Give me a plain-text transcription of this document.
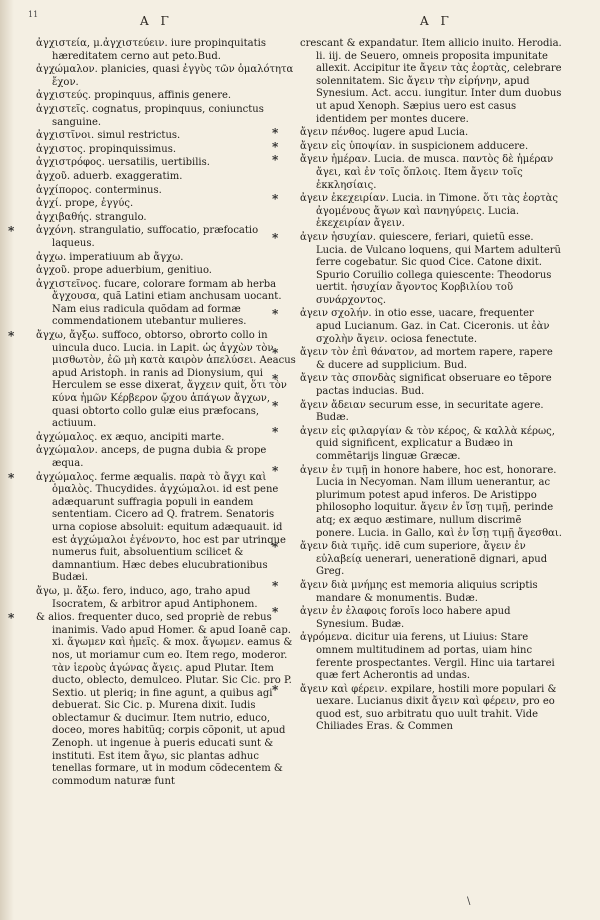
11	A Γ	A Γ

ἀγχιστεία, μ.ἀγχιστεύειν. iure propinquitatis hæreditatem cerno aut peto.Bud.

ἀγχώμαλον. planicies, quasi ἐγγὺς τῶν ὁμαλότητα ἔχον.

ἀγχιστεύς. propinquus, affinis genere.

ἀγχιστεῖς. cognatus, propinquus, coniunctus sanguine.

ἀγχιστῖνοι. simul restrictus.

ἀγχιστος. propinquissimus.

ἀγχιστρόφος. uersatilis, uertibilis.

ἀγχοῦ. aduerb. exaggeratim.

ἀγχίπορος. conterminus.

ἀγχί. prope, ἐγγύς.

ἀγχιβαθής. strangulo.

* ἀγχόνη. strangulatio, suffocatio, præfocatio laqueus.

ἀγχω. imperatiuum ab ἄγχω.

ἀγχοῦ. prope aduerbium, genitiuo.

ἀγχιστεῖνος. fucare, colorare formam ab herba ἄγχουσα, quã Latini etiam anchusam uocant. Nam eius radicula quõdam ad formæ commendationem utebantur mulieres.

* ἄγχω, ἄγξω. suffoco, obtorso, obrorto collo in uincula duco. Lucia. in Lapit. ὡς ἀγχὼν τὸν μισθωτὸν, ἐῶ μὴ κατὰ καιρὸν ἀπελύσει. Aeacus apud Aristoph. in ranis ad Dionysium, qui Herculem se esse dixerat, ἄγχειν quit, ὅτι τὸν κύνα ἡμῶν Κέρβερον ᾤχου ἀπάγων ἄγχων, quasi obtorto collo gulæ eius præfocans, actiuum.

ἀγχώμαλος. ex æquo, ancipiti marte.

ἀγχώμαλον. anceps, de pugna dubia & prope æqua.

* ἀγχώμαλος. ferme æqualis. παρὰ τὸ ἄγχι καὶ ὁμαλὸς. Thucydides. ἀγχώμαλοι. id est pene adæquarunt suffragia populi in eandem sententiam. Cicero ad Q. fratrem. Senatoris urna copiose absoluit: equitum adæquauit. id est ἀγχώμαλοι ἐγένοντο, hoc est par utrinque numerus fuit, absoluentium scilicet & damnantium. Hæc debes elucubrationibus Budæi.

ἄγω, μ. ἄξω. fero, induco, ago, traho apud Isocratem, & arbitror apud Antiphonem.

* & alios. frequenter duco, sed propriè de rebus inanimis. Vado apud Homer. & apud Ioanẽ cap. xi. ἄγωμεν καὶ ἡμεῖς. & mox. ἄγωμεν. eamus & nos, ut moriamur cum eo. Item rego, moderor. τὰν ἱεροὺς ἀγώνας ἄγεις. apud Plutar. Item ducto, oblecto, demulceo. Plutar. Sic Cic. pro P. Sextio. ut pleriq; in fine agunt, a quibus agi debuerat. Sic Cic. p. Murena dixit. Iudis oblectamur & ducimur. Item nutrio, educo, doceo, mores habitũq; corpis cõponit, ut apud Zenoph. ut ingenue à pueris educati sunt & instituti. Est item ἄγω, sic plantas adhuc tenellas formare, ut in modum cõdecentem & commodum naturæ funt

crescant & expandatur. Item allicio inuito. Herodia. li. iij. de Seuero, omneis proposita impunitate allexit. Accipitur ite ἄγειν τὰς ἑορτὰς, celebrare solennitatem. Sic ἄγειν τὴν εἰρήνην, apud Synesium. Act. accu. iungitur. Inter dum duobus ut apud Xenoph. Sæpius uero est casus identidem per montes ducere.

* ἄγειν πένθος. lugere apud Lucia.

* ἄγειν εἰς ὑποψίαν. in suspicionem adducere.

* ἄγειν ἡμέραν. Lucia. de musca. παντὸς δὲ ἡμέραν ἄγει, καὶ ἐν τοῖς ὅπλοις. Item ἄγειν τοῖς ἐκκλησίαις.

* ἀγειν ἐκεχειρίαν. Lucia. in Timone. ὅτι τὰς ἑορτὰς ἀγομένους ἄγων καὶ πανηγύρεις. Lucia. ἐκεχειρίαν ἄγειν.

* ἀγειν ἡσυχίαν. quiescere, feriari, quietũ esse. Lucia. de Vulcano loquens, qui Martem adulterũ ferre cogebatur. Sic quod Cice. Catone dixit. Spurio Coruilio collega quiescente: Theodorus uertit. ἡσυχίαν ἄγοντος Κορβιλίου τοῦ συνάρχοντος.

* ἀγειν σχολήν. in otio esse, uacare, frequenter apud Lucianum. Gaz. in Cat. Ciceronis. ut ἐὰν σχολὴν ἄγειν. ociosa fenectute.

* ἄγειν τὸν ἐπὶ θάνατον, ad mortem rapere, rapere & ducere ad supplicium. Bud.

* ἄγειν τὰς σπονδὰς significat obseruare eo tẽpore pactas inducias. Bud.

* ἄγειν ἄδειαν securum esse, in securitate agere. Budæ.

* ἀγειν εἰς φιλαργίαν & τὸν κέρος, & καλλὰ κέρως, quid significent, explicatur a Budæo in commẽtarijs linguæ Græcæ.

* ἀγειν ἐν τιμῇ in honore habere, hoc est, honorare. Lucia in Necyoman. Nam illum uenerantur, ac plurimum potest apud inferos. De Aristippo philosopho loquitur. ἄγειν ἐν ἴσῃ τιμῇ, perinde atq; ex æquo æstimare, nullum discrimẽ ponere. Lucia. in Gallo, καὶ ἐν ἴσῃ τιμῇ ἄγεσθαι.

* ἄγειν διὰ τιμῆς. idẽ cum superiore, ἄγειν ἐν εὐλαβείᾳ uenerari, uenerationẽ dignari, apud Greg.

* ἄγειν διὰ μνήμης est memoria aliquius scriptis mandare & monumentis. Budæ.

* ἀγειν ἐν ἐλαφοις foroῖs loco habere apud Synesium. Budæ.

ἀγρόμενα. dicitur uia ferens, ut Liuius: Stare omnem multitudinem ad portas, uiam hinc ferente prospectantes. Vergil. Hinc uia tartarei quæ fert Acherontis ad undas.

* ἄγειν καὶ φέρειν. expilare, hostili more populari & uexare. Lucianus dixit ἄγειν καὶ φέρειν, pro eo quod est, suo arbitratu quo uult trahit. Vide Chiliades Eras. & Commen

\
